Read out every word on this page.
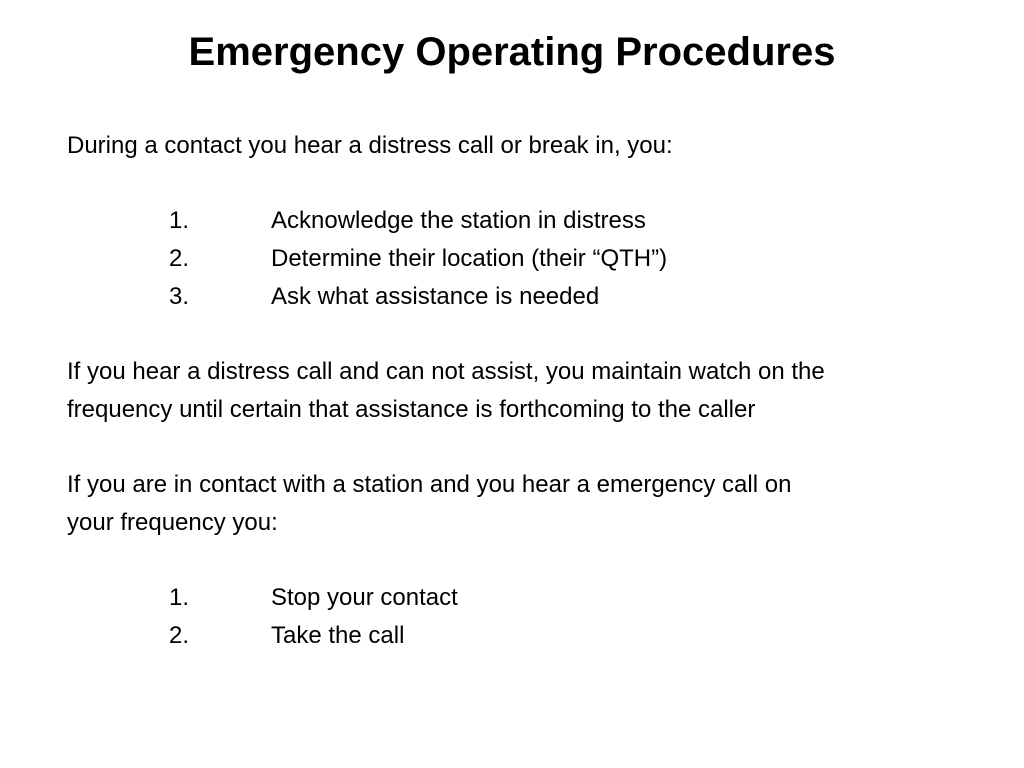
Emergency Operating Procedures

During a contact you hear a distress call or break in, you:

1.	Acknowledge the station in distress
2.	Determine their location (their “QTH”)
3.	Ask what assistance is needed
If you hear a distress call and can not assist, you maintain watch on the
frequency until certain that assistance is forthcoming to the caller
If you are in contact with a station and you hear a emergency call on
your frequency you:
1.	Stop your contact
2.	Take the call
